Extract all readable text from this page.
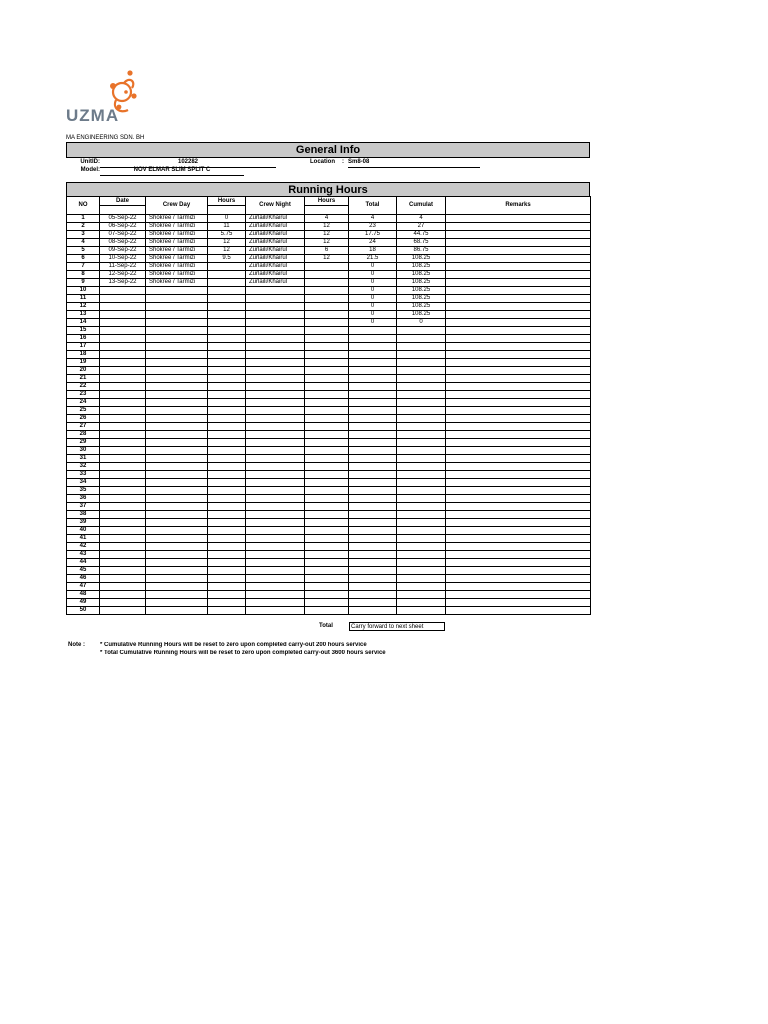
UZMA
MA ENGINEERING SDN. BH
General Info
UnitID:	102282	Location : Sm8-08
Model:	NOV ELMAR SLIM SPLIT C
Running Hours
NO	Date	Crew Day	Hours	Crew Night	Hours	Total	Cumulat	Remarks

1	05-Sep-22	Shokree / Tarmizi	0	Zurlaili/Khairul	4	4	4	
2	06-Sep-22	Shokree / Tarmizi	11	Zurlaili/Khairul	12	23	27	
3	07-Sep-22	Shokree / Tarmizi	5.75	Zurlaili/Khairul	12	17.75	44.75	
4	08-Sep-22	Shokree / Tarmizi	12	Zurlaili/Khairul	12	24	68.75	
5	09-Sep-22	Shokree / Tarmizi	12	Zurlaili/Khairul	6	18	86.75	
6	10-Sep-22	Shokree / Tarmizi	9.5	Zurlaili/Khairul	12	21.5	108.25	
7	11-Sep-22	Shokree / Tarmizi		Zurlaili/Khairul		0	108.25	
8	12-Sep-22	Shokree / Tarmizi		Zurlaili/Khairul		0	108.25	
9	13-Sep-22	Shokree / Tarmizi		Zurlaili/Khairul		0	108.25	
10						0	108.25	
11						0	108.25	
12						0	108.25	
13						0	108.25	
14						0	0	
15								
16								
17								
18								
19								
20								
21								
22								
23								
24								
25								
26								
27								
28								
29								
30								
31								
32								
33								
34								
35								
36								
37								
38								
39								
40								
41								
42								
43								
44								
45								
46								
47								
48								
49								
50								
Total	Carry forward to next sheet
Note :	* Cumulative Running Hours will be reset to zero upon completed carry-out 200 hours service
* Total Cumulative Running Hours will be reset to zero upon completed carry-out 3600 hours service
